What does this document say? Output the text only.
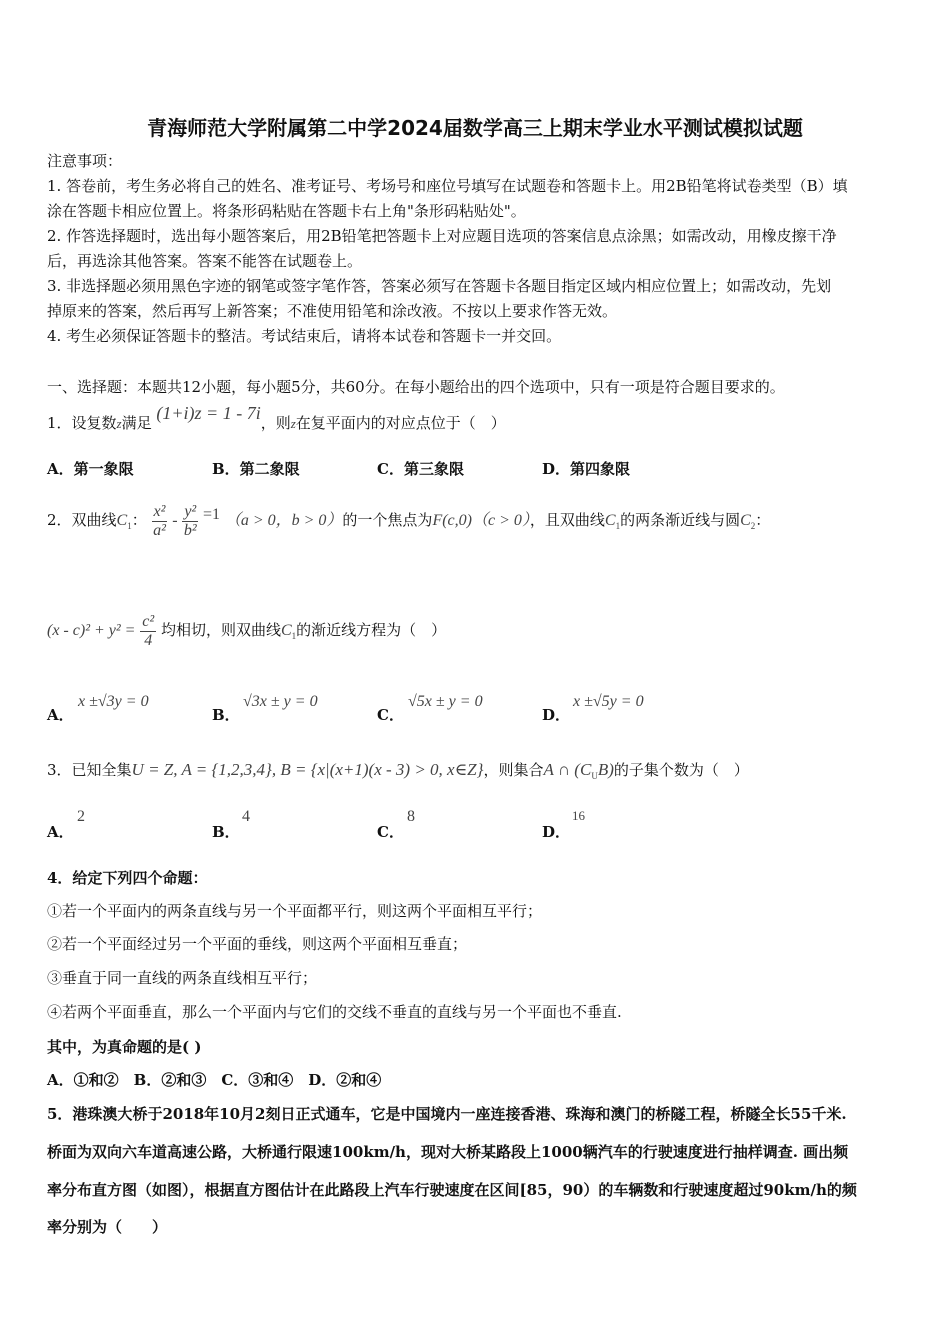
青海师范大学附属第二中学2024届数学高三上期末学业水平测试模拟试题
注意事项：
1. 答卷前，考生务必将自己的姓名、准考证号、考场号和座位号填写在试题卷和答题卡上。用2B铅笔将试卷类型（B）填
涂在答题卡相应位置上。将条形码粘贴在答题卡右上角"条形码粘贴处"。
2. 作答选择题时，选出每小题答案后，用2B铅笔把答题卡上对应题目选项的答案信息点涂黑；如需改动，用橡皮擦干净
后，再选涂其他答案。答案不能答在试题卷上。
3. 非选择题必须用黑色字迹的钢笔或签字笔作答，答案必须写在答题卡各题目指定区域内相应位置上；如需改动，先划
掉原来的答案，然后再写上新答案；不准使用铅笔和涂改液。不按以上要求作答无效。
4. 考生必须保证答题卡的整洁。考试结束后，请将本试卷和答题卡一并交回。
一、选择题：本题共12小题，每小题5分，共60分。在每小题给出的四个选项中，只有一项是符合题目要求的。
1．设复数z满足 (1+i)z = 1 - 7i，则z在复平面内的对应点位于（　）
A．第一象限	B．第二象限	C．第三象限	D．第四象限
2．双曲线$C_1$： $\frac{\text{x²}}{\text{a²}} - \frac{\text{y²}}{\text{b²}} =1$ （a > 0，b > 0）的一个焦点为F(c,0)（c > 0），且双曲线$C_1$的两条渐近线与圆$C_2$：
$(x - c)^2 + y^2 = \frac{\text{c²}}{4}$ 均相切，则双曲线$C_1$的渐近线方程为（　）
A．
x ±√3y = 0
B．
√3x ± y = 0
C．
√5x ± y = 0
D．
x ±√5y = 0
3．已知全集U = Z, A = {1,2,3,4}, B = {x|(x+1)(x - 3) > 0, x∈Z}，则集合A ∩ $(C_UB)$的子集个数为（　）
A．
2
B．
4
C．
8
D．
16
4．给定下列四个命题：
①若一个平面内的两条直线与另一个平面都平行，则这两个平面相互平行；
②若一个平面经过另一个平面的垂线，则这两个平面相互垂直；
③垂直于同一直线的两条直线相互平行；
④若两个平面垂直，那么一个平面内与它们的交线不垂直的直线与另一个平面也不垂直.
其中，为真命题的是( )
A．①和②　B．②和③　C．③和④　D．②和④
5．港珠澳大桥于2018年10月2刻日正式通车，它是中国境内一座连接香港、珠海和澳门的桥隧工程，桥隧全长55千米.
桥面为双向六车道高速公路，大桥通行限速100km/h，现对大桥某路段上1000辆汽车的行驶速度进行抽样调查. 画出频
率分布直方图（如图），根据直方图估计在此路段上汽车行驶速度在区间[85，90）的车辆数和行驶速度超过90km/h的频
率分别为（　　）
